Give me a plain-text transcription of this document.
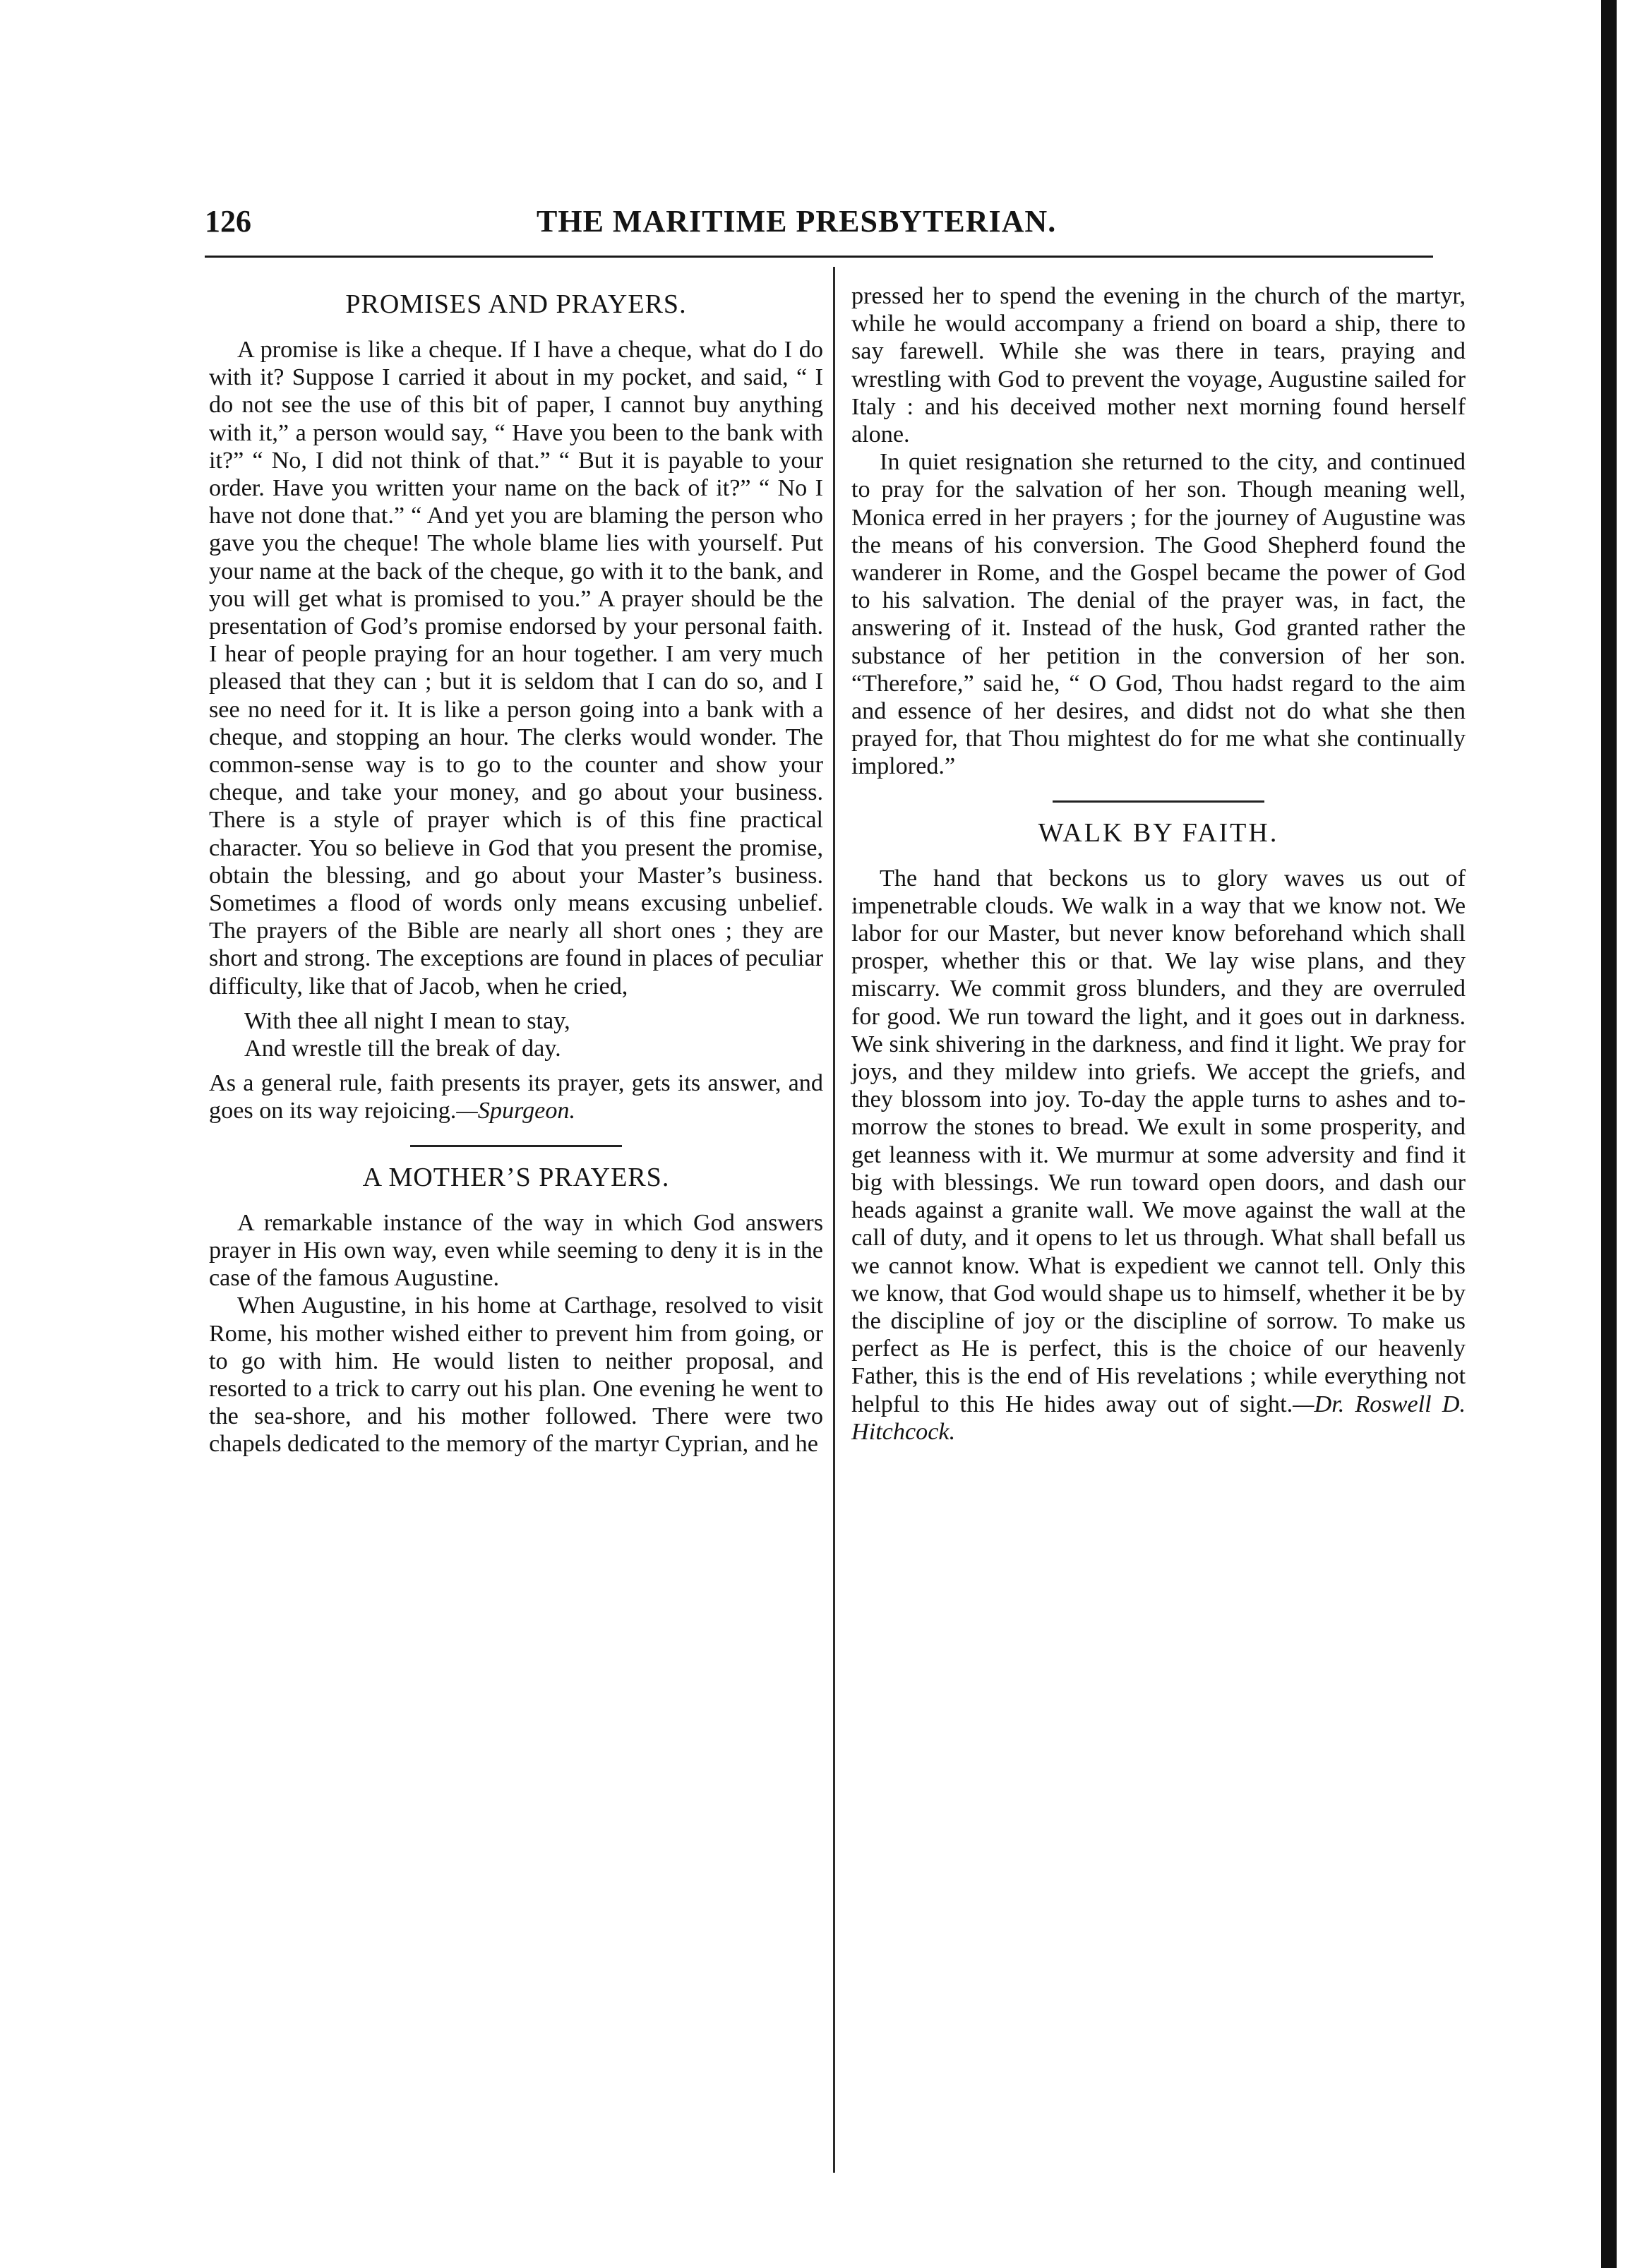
126	THE MARITIME PRESBYTERIAN.
PROMISES AND PRAYERS.

A promise is like a cheque. If I have a cheque, what do I do with it? Suppose I carried it about in my pocket, and said, “ I do not see the use of this bit of paper, I cannot buy anything with it,” a person would say, “ Have you been to the bank with it?” “ No, I did not think of that.” “ But it is payable to your order. Have you written your name on the back of it?” “ No I have not done that.” “ And yet you are blaming the person who gave you the cheque! The whole blame lies with yourself. Put your name at the back of the cheque, go with it to the bank, and you will get what is promised to you.” A prayer should be the presentation of God’s promise endorsed by your personal faith. I hear of people praying for an hour together. I am very much pleased that they can ; but it is seldom that I can do so, and I see no need for it. It is like a person going into a bank with a cheque, and stopping an hour. The clerks would wonder. The common-sense way is to go to the counter and show your cheque, and take your money, and go about your business. There is a style of prayer which is of this fine practical character. You so believe in God that you present the promise, obtain the blessing, and go about your Master’s business. Sometimes a flood of words only means excusing unbelief. The prayers of the Bible are nearly all short ones ; they are short and strong. The exceptions are found in places of peculiar difficulty, like that of Jacob, when he cried,

With thee all night I mean to stay,
And wrestle till the break of day.

As a general rule, faith presents its prayer, gets its answer, and goes on its way rejoicing.—Spurgeon.

A MOTHER’S PRAYERS.

A remarkable instance of the way in which God answers prayer in His own way, even while seeming to deny it is in the case of the famous Augustine.

When Augustine, in his home at Carthage, resolved to visit Rome, his mother wished either to prevent him from going, or to go with him. He would listen to neither proposal, and resorted to a trick to carry out his plan. One evening he went to the sea-shore, and his mother followed. There were two chapels dedicated to the memory of the martyr Cyprian, and he

pressed her to spend the evening in the church of the martyr, while he would accompany a friend on board a ship, there to say farewell. While she was there in tears, praying and wrestling with God to prevent the voyage, Augustine sailed for Italy : and his deceived mother next morning found herself alone.

In quiet resignation she returned to the city, and continued to pray for the salvation of her son. Though meaning well, Monica erred in her prayers ; for the journey of Augustine was the means of his conversion. The Good Shepherd found the wanderer in Rome, and the Gospel became the power of God to his salvation. The denial of the prayer was, in fact, the answering of it. Instead of the husk, God granted rather the substance of her petition in the conversion of her son. “Therefore,” said he, “ O God, Thou hadst regard to the aim and essence of her desires, and didst not do what she then prayed for, that Thou mightest do for me what she continually implored.”

WALK BY FAITH.

The hand that beckons us to glory waves us out of impenetrable clouds. We walk in a way that we know not. We labor for our Master, but never know beforehand which shall prosper, whether this or that. We lay wise plans, and they miscarry. We commit gross blunders, and they are overruled for good. We run toward the light, and it goes out in darkness. We sink shivering in the darkness, and find it light. We pray for joys, and they mildew into griefs. We accept the griefs, and they blossom into joy. To-day the apple turns to ashes and to-morrow the stones to bread. We exult in some prosperity, and get leanness with it. We murmur at some adversity and find it big with blessings. We run toward open doors, and dash our heads against a granite wall. We move against the wall at the call of duty, and it opens to let us through. What shall befall us we cannot know. What is expedient we cannot tell. Only this we know, that God would shape us to himself, whether it be by the discipline of joy or the discipline of sorrow. To make us perfect as He is perfect, this is the choice of our heavenly Father, this is the end of His revelations ; while everything not helpful to this He hides away out of sight.—Dr. Roswell D. Hitchcock.
